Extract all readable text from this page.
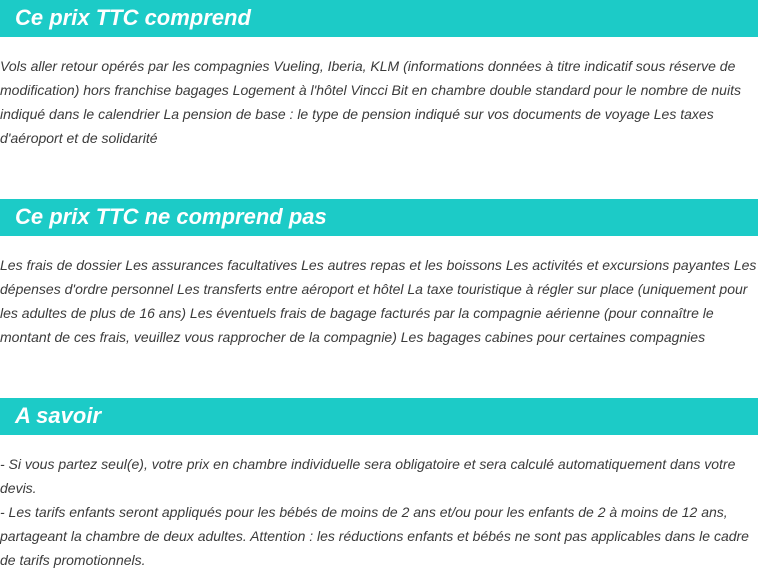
Ce prix TTC comprend

Vols aller retour opérés par les compagnies Vueling, Iberia, KLM (informations données à titre indicatif sous réserve de modification) hors franchise bagages Logement à l'hôtel Vincci Bit en chambre double standard pour le nombre de nuits indiqué dans le calendrier La pension de base : le type de pension indiqué sur vos documents de voyage Les taxes d'aéroport et de solidarité

Ce prix TTC ne comprend pas

Les frais de dossier Les assurances facultatives Les autres repas et les boissons Les activités et excursions payantes Les dépenses d'ordre personnel Les transferts entre aéroport et hôtel La taxe touristique à régler sur place (uniquement pour les adultes de plus de 16 ans) Les éventuels frais de bagage facturés par la compagnie aérienne (pour connaître le montant de ces frais, veuillez vous rapprocher de la compagnie) Les bagages cabines pour certaines compagnies

A savoir

- Si vous partez seul(e), votre prix en chambre individuelle sera obligatoire et sera calculé automatiquement dans votre devis.

- Les tarifs enfants seront appliqués pour les bébés de moins de 2 ans et/ou pour les enfants de 2 à moins de 12 ans, partageant la chambre de deux adultes. Attention : les réductions enfants et bébés ne sont pas applicables dans le cadre de tarifs promotionnels.
